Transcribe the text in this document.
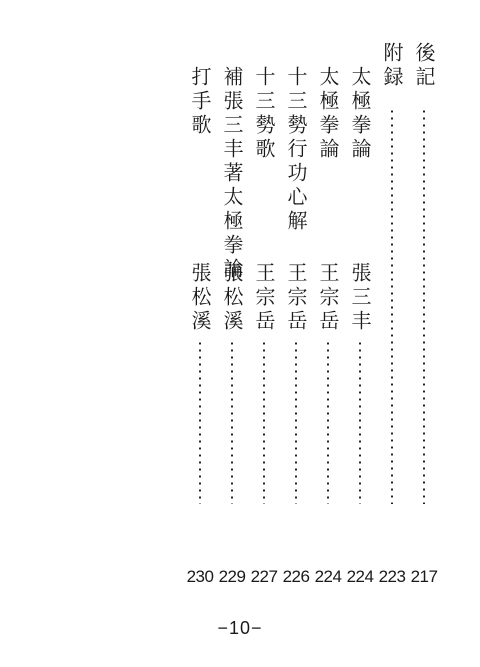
後記
217
附録
223
太極拳論
張三丰
224
太極拳論
王宗岳
224
十三勢行功心解
王宗岳
226
十三勢歌
王宗岳
227
補張三丰著太極拳論
張松溪
229
打手歌
張松溪
230
−10−
